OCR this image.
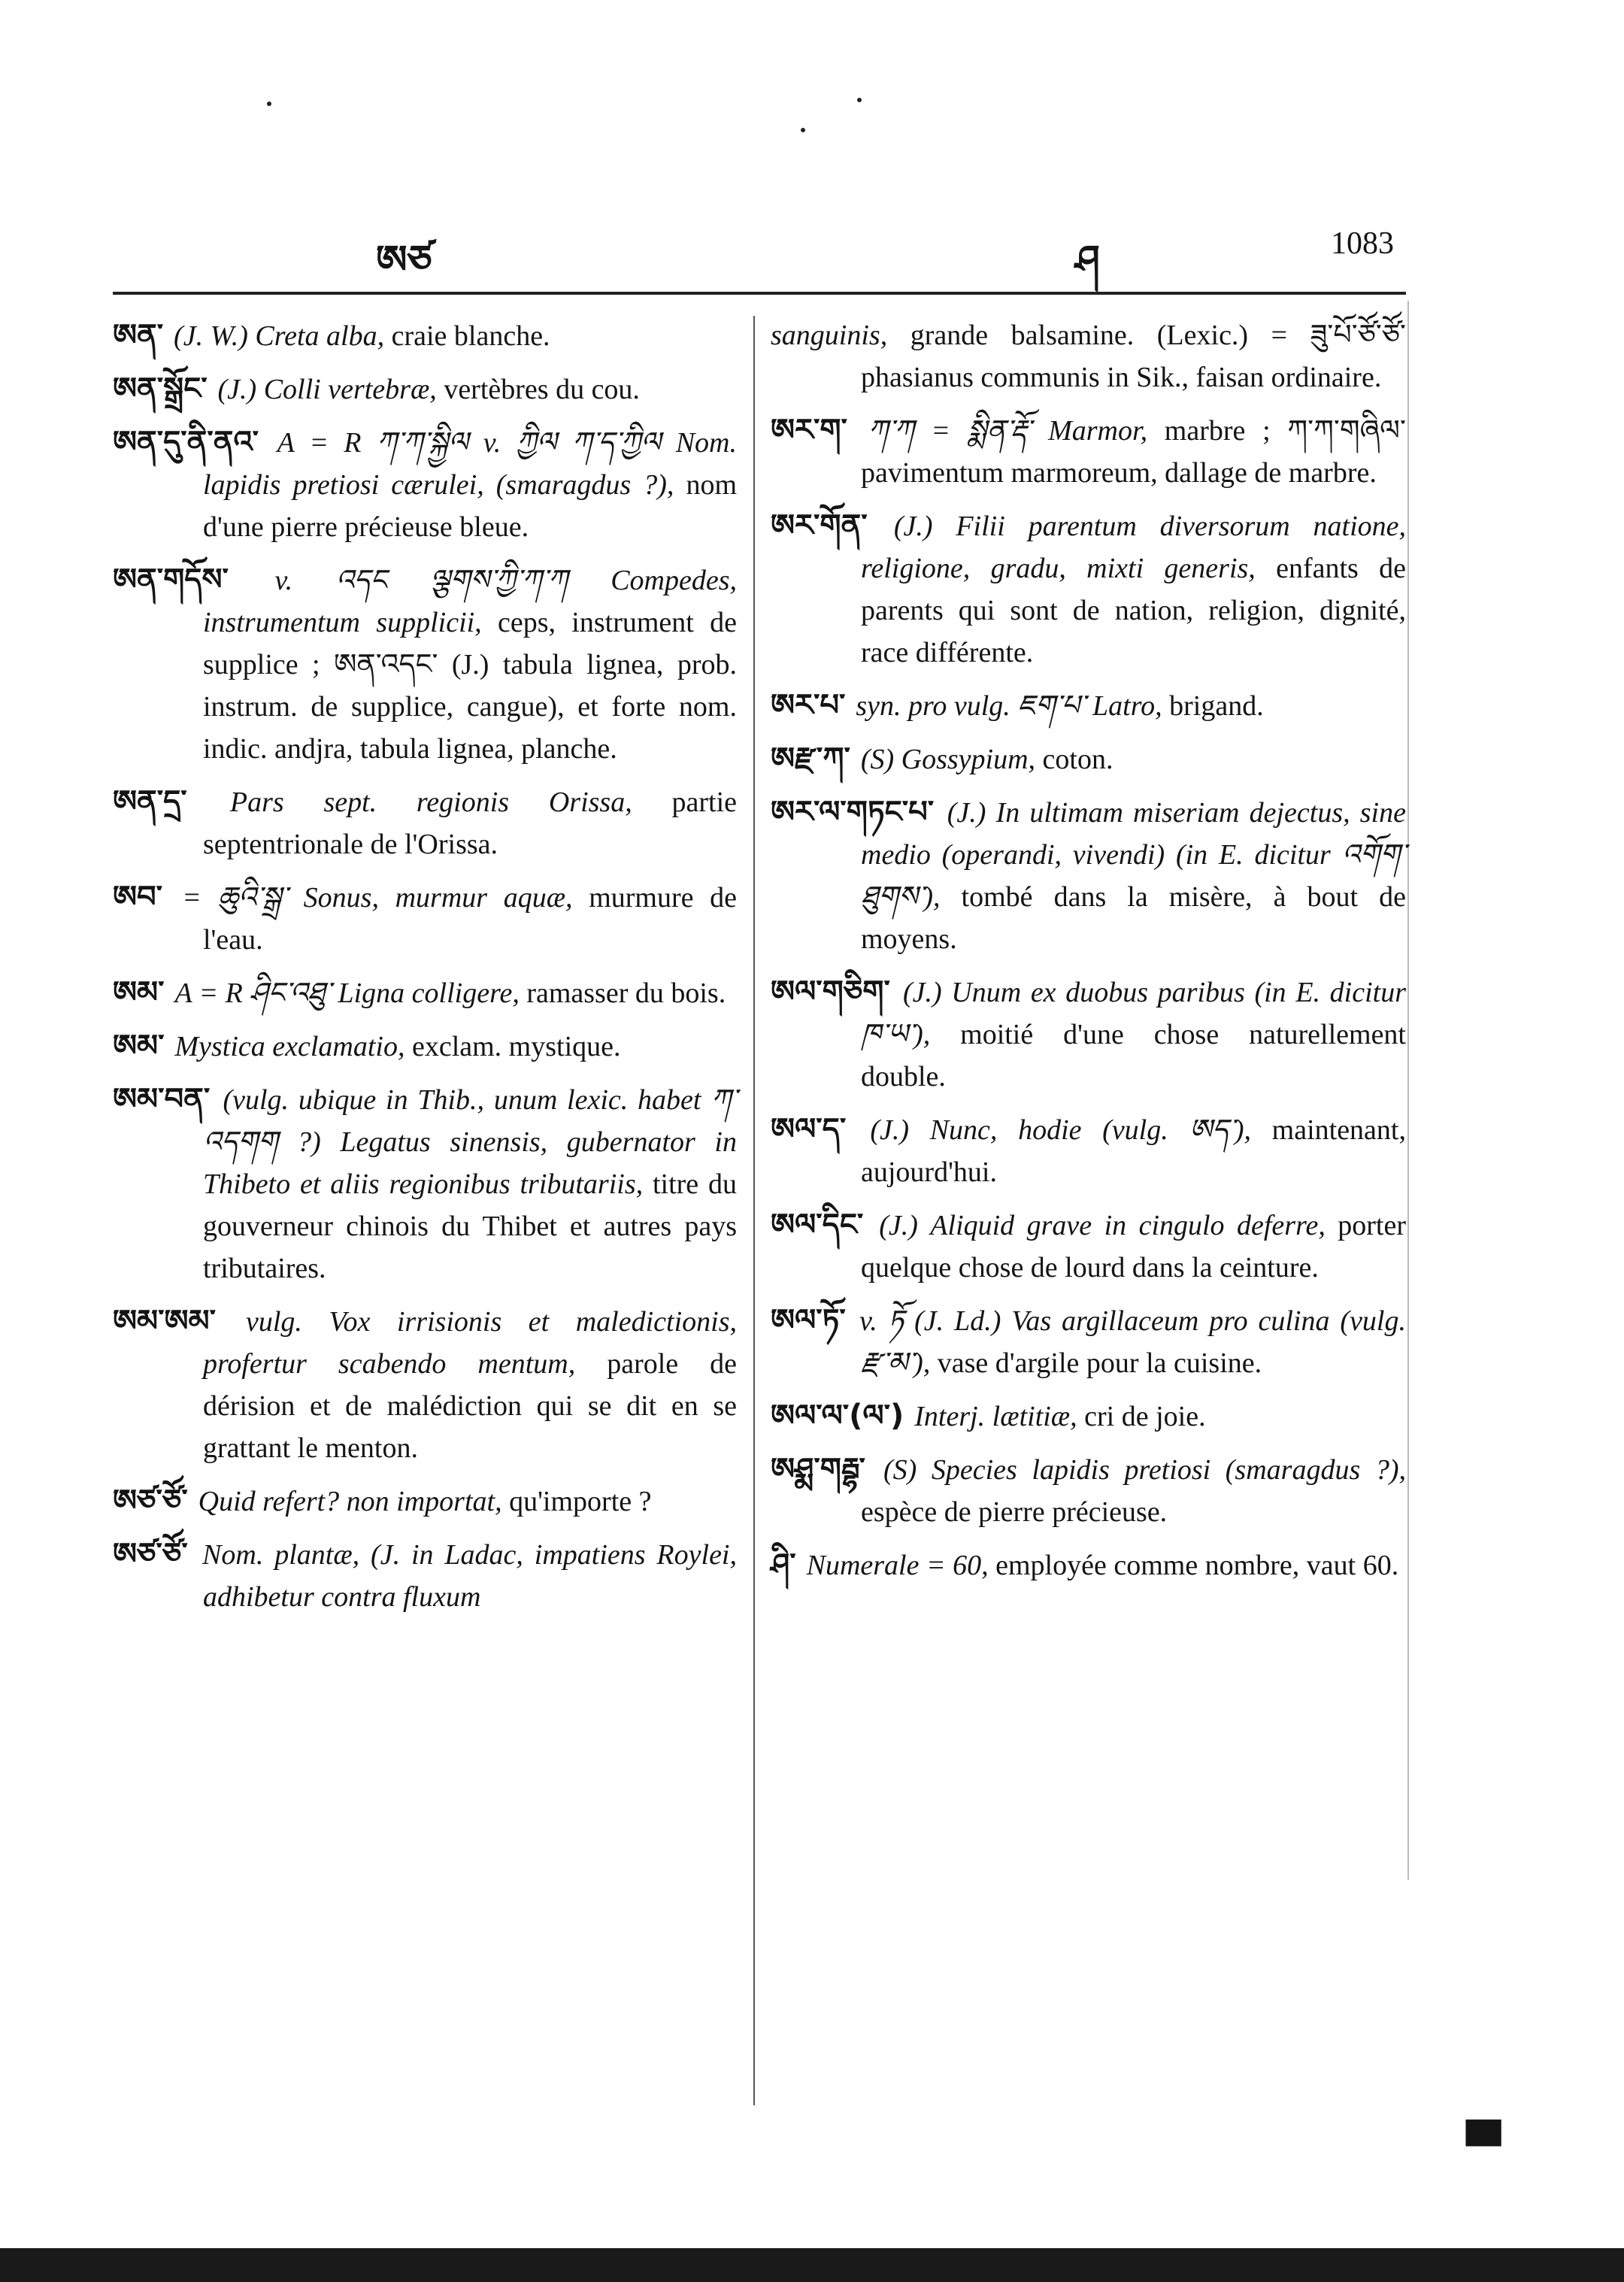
ཨཙ	ཤ	1083

ཨན་ (J. W.) Creta alba, craie blanche.

ཨན་སྒྲོང་ (J.) Colli vertebræ, vertèbres du cou.

ཨན་དུ་ནི་ནའ་ A = R ཀ་ཀ་སྐྱིལ v. ཀྱིལ ཀ་ད་ཀྱིལ Nom. lapidis pretiosi cærulei, (smaragdus ?), nom d'une pierre précieuse bleue.

ཨན་གདོས་ v. འདང ལྕགས་ཀྱི་ཀ་ཀ Compedes, instrumentum supplicii, ceps, instrument de supplice ; ཨན་འདང་ (J.) tabula lignea, prob. instrum. de supplice, cangue), et forte nom. indic. andjra, tabula lignea, planche.

ཨན་དྲ་ Pars sept. regionis Orissa, partie septentrionale de l'Orissa.

ཨབ་ = ཆུའི་སྒྲ་ Sonus, murmur aquæ, murmure de l'eau.

ཨམ་ A = R ཤིང་འཐུ་ Ligna colligere, ramasser du bois.

ཨམ་ Mystica exclamatio, exclam. mystique.

ཨམ་བན་ (vulg. ubique in Thib., unum lexic. habet ཀ་འདགག ?) Legatus sinensis, gubernator in Thibeto et aliis regionibus tributariis, titre du gouverneur chinois du Thibet et autres pays tributaires.

ཨམ་ཨམ་ vulg. Vox irrisionis et maledictionis, profertur scabendo mentum, parole de dérision et de malédiction qui se dit en se grattant le menton.

ཨཙ་ཙོ་ Quid refert? non importat, qu'importe ?

ཨཙ་ཙོ་ Nom. plantæ, (J. in Ladac, impatiens Roylei, adhibetur contra fluxum

sanguinis, grande balsamine. (Lexic.) = ཟུ་པོ་ཙོ་ཙོ་ phasianus communis in Sik., faisan ordinaire.

ཨར་ག་ ཀ་ཀ = སྨིན་རྡོ་ Marmor, marbre ; ཀ་ཀ་གཞིལ་ pavimentum marmoreum, dallage de marbre.

ཨར་གོན་ (J.) Filii parentum diversorum natione, religione, gradu, mixti generis, enfants de parents qui sont de nation, religion, dignité, race différente.

ཨར་པ་ syn. pro vulg. ཇག་པ་ Latro, brigand.

ཨརྫ་ཀ་ (S) Gossypium, coton.

ཨར་ལ་གཏང་པ་ (J.) In ultimam miseriam dejectus, sine medio (operandi, vivendi) (in E. dicitur འགོག་ཐུགས་), tombé dans la misère, à bout de moyens.

ཨལ་གཅིག་ (J.) Unum ex duobus paribus (in E. dicitur ཁ་ཡ་), moitié d'une chose naturellement double.

ཨལ་ད་ (J.) Nunc, hodie (vulg. ཨད་), maintenant, aujourd'hui.

ཨལ་དིང་ (J.) Aliquid grave in cingulo deferre, porter quelque chose de lourd dans la ceinture.

ཨལ་ཏོ་ v. ཏོ (J. Ld.) Vas argillaceum pro culina (vulg. རྫ་མ་), vase d'argile pour la cuisine.

ཨལ་ལ་(ལ་) Interj. lætitiæ, cri de joie.

ཨཤྨ་གརྦྷ་ (S) Species lapidis pretiosi (smaragdus ?), espèce de pierre précieuse.

ཤི་ Numerale = 60, employée comme nombre, vaut 60.

▀
